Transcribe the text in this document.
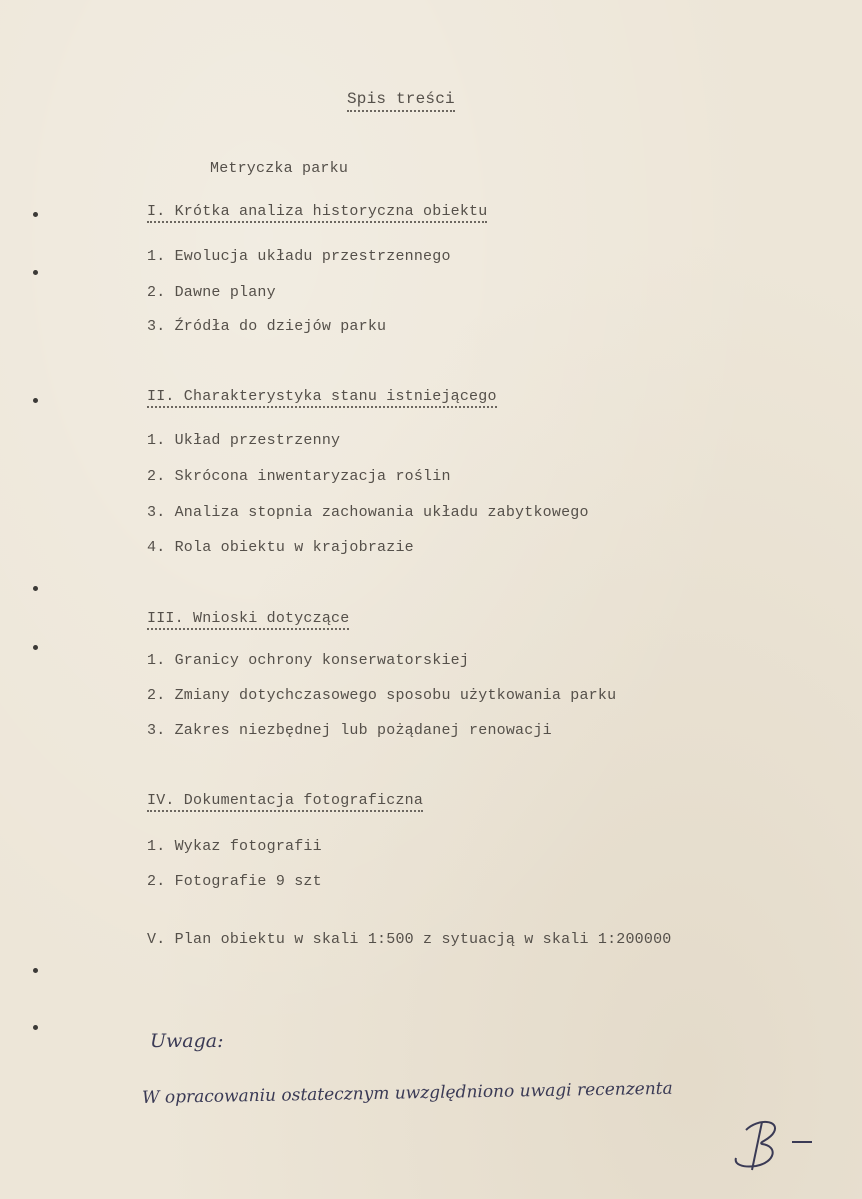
Spis treści
Metryczka parku
I. Krótka analiza historyczna obiektu
1. Ewolucja układu przestrzennego
2. Dawne plany
3. Źródła do dziejów parku
II. Charakterystyka stanu istniejącego
1. Układ przestrzenny
2. Skrócona inwentaryzacja roślin
3. Analiza stopnia zachowania układu zabytkowego
4. Rola obiektu w krajobrazie
III. Wnioski dotyczące
1. Granicy ochrony konserwatorskiej
2. Zmiany dotychczasowego sposobu użytkowania parku
3. Zakres niezbędnej lub pożądanej renowacji
IV. Dokumentacja fotograficzna
1. Wykaz fotografii
2. Fotografie 9 szt
V. Plan obiektu w skali 1:500 z sytuacją w skali 1:200000
Uwaga:
W opracowaniu ostatecznym uwzględniono uwagi recenzenta
